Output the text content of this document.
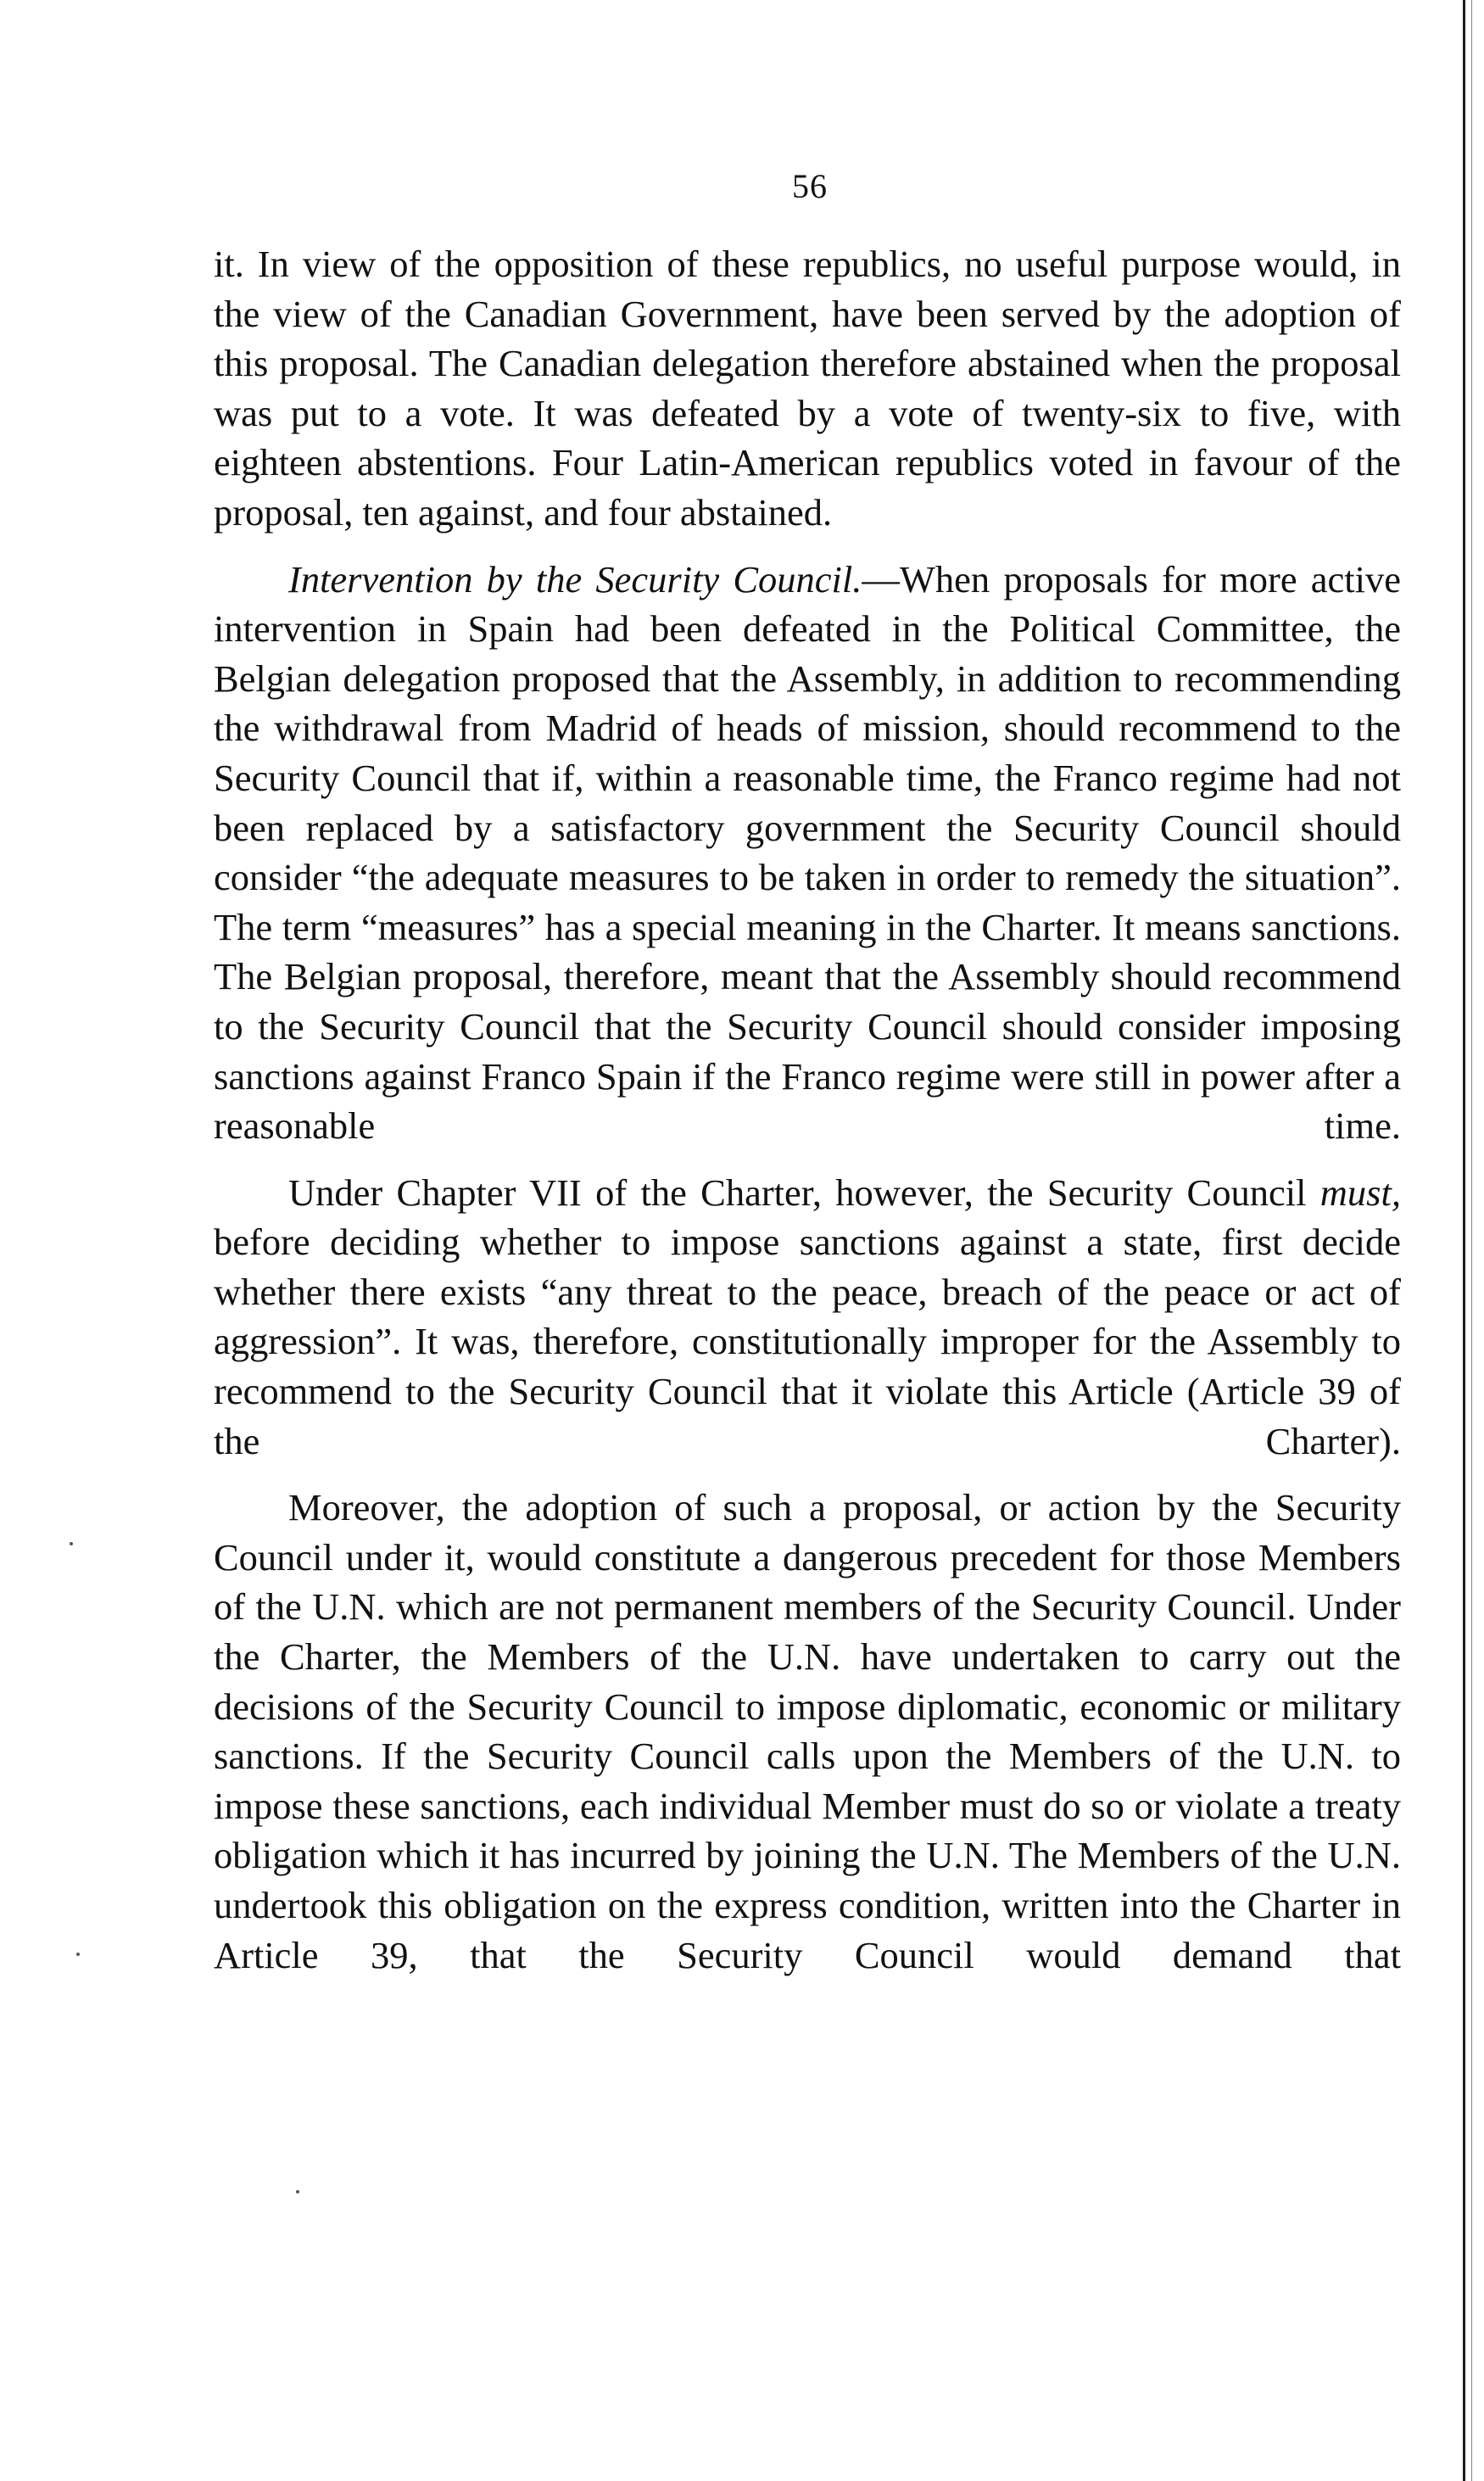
56

it. In view of the opposition of these republics, no useful purpose would, in the view of the Canadian Government, have been served by the adoption of this proposal. The Canadian delegation therefore abstained when the proposal was put to a vote. It was defeated by a vote of twenty-six to five, with eighteen abstentions. Four Latin-American republics voted in favour of the proposal, ten against, and four abstained.

Intervention by the Security Council.—When proposals for more active intervention in Spain had been defeated in the Political Committee, the Belgian delegation proposed that the Assembly, in addition to recommending the withdrawal from Madrid of heads of mission, should recommend to the Security Council that if, within a reasonable time, the Franco regime had not been replaced by a satisfactory government the Security Council should consider “the adequate measures to be taken in order to remedy the situation”. The term “measures” has a special meaning in the Charter. It means sanctions. The Belgian proposal, therefore, meant that the Assembly should recommend to the Security Council that the Security Council should consider imposing sanctions against Franco Spain if the Franco regime were still in power after a reasonable time.

Under Chapter VII of the Charter, however, the Security Council must, before deciding whether to impose sanctions against a state, first decide whether there exists “any threat to the peace, breach of the peace or act of aggression”. It was, therefore, constitutionally improper for the Assembly to recommend to the Security Council that it violate this Article (Article 39 of the Charter).

Moreover, the adoption of such a proposal, or action by the Security Council under it, would constitute a dangerous precedent for those Members of the U.N. which are not permanent members of the Security Council. Under the Charter, the Members of the U.N. have undertaken to carry out the decisions of the Security Council to impose diplomatic, economic or military sanctions. If the Security Council calls upon the Members of the U.N. to impose these sanctions, each individual Member must do so or violate a treaty obligation which it has incurred by joining the U.N. The Members of the U.N. undertook this obligation on the express condition, written into the Charter in Article 39, that the Security Council would demand that
